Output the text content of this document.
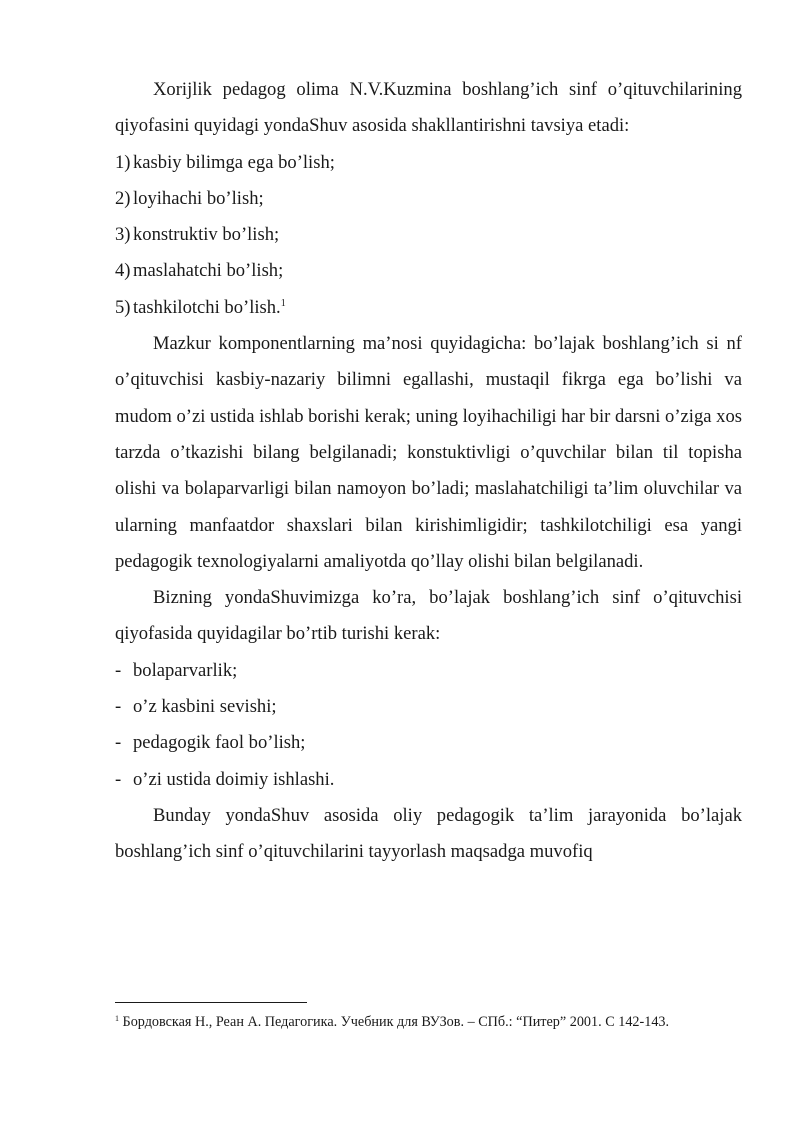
Xorijlik pedagog olima N.V.Kuzmina boshlang’ich sinf o’qituvchilarining qiyofasini quyidagi yondaShuv asosida shakllantirishni tavsiya etadi:

1) kasbiy bilimga ega bo’lish;

2) loyihachi bo’lish;

3) konstruktiv bo’lish;

4) maslahatchi bo’lish;

5) tashkilotchi bo’lish.$^1$

Mazkur komponentlarning ma’nosi quyidagicha: bo’lajak boshlang’ich si nf o’qituvchisi kasbiy-nazariy bilimni egallashi, mustaqil fikrga ega bo’lishi va mudom o’zi ustida ishlab borishi kerak; uning loyihachiligi har bir darsni o’ziga xos tarzda o’tkazishi bilang belgilanadi; konstuktivligi o’quvchilar bilan til topisha olishi va bolaparvarligi bilan namoyon bo’ladi; maslahatchiligi ta’lim oluvchilar va ularning manfaatdor shaxslari bilan kirishimligidir; tashkilotchiligi esa yangi pedagogik texnologiyalarni amaliyotda qo’llay olishi bilan belgilanadi.

Bizning yondaShuvimizga ko’ra, bo’lajak boshlang’ich sinf o’qituvchisi qiyofasida quyidagilar bo’rtib turishi kerak:

- bolaparvarlik;

- o’z kasbini sevishi;

- pedagogik faol bo’lish;

- o’zi ustida doimiy ishlashi.

Bunday yondaShuv asosida oliy pedagogik ta’lim jarayonida bo’lajak boshlang’ich sinf o’qituvchilarini tayyorlash maqsadga muvofiq

$^1$ Бордовская Н., Реан А. Педагогика. Учебник для ВУЗов. – СПб.: “Питер” 2001. С 142-143.
